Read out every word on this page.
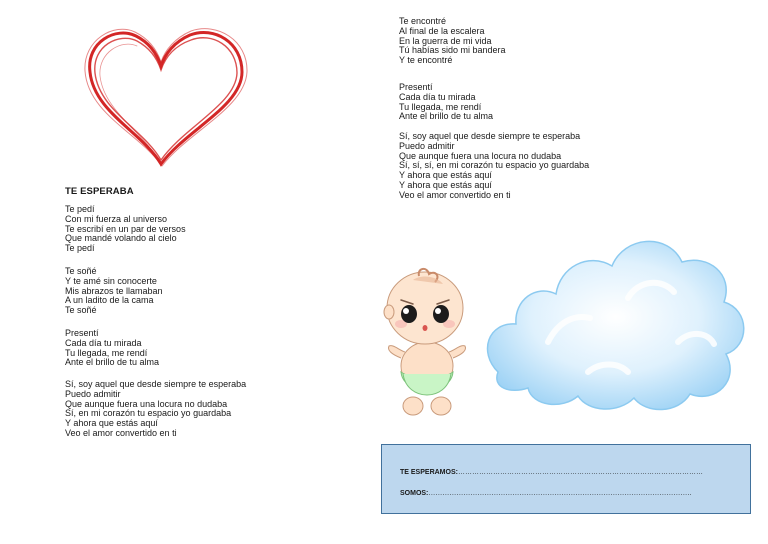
TE ESPERABA
Te pedí
Con mi fuerza al universo
Te escribí en un par de versos
Que mandé volando al cielo
Te pedí
Te soñé
Y te amé sin conocerte
Mis abrazos te llamaban
A un ladito de la cama
Te soñé
Presentí
Cada día tu mirada
Tu llegada, me rendí
Ante el brillo de tu alma
Sí, soy aquel que desde siempre te esperaba
Puedo admitir
Que aunque fuera una locura no dudaba
Sí, en mi corazón tu espacio yo guardaba
Y ahora que estás aquí
Veo el amor convertido en ti
Te encontré
Al final de la escalera
En la guerra de mi vida
Tú habías sido mi bandera
Y te encontré
Presentí
Cada día tu mirada
Tu llegada, me rendí
Ante el brillo de tu alma
Sí, soy aquel que desde siempre te esperaba
Puedo admitir
Que aunque fuera una locura no dudaba
Sí, sí, sí, en mi corazón tu espacio yo guardaba
Y ahora que estás aquí
Y ahora que estás aquí
Veo el amor convertido en ti
TE ESPERAMOS:……………………………………………………………………………………………
SOMOS:…………………………………………………………………………………………………..
